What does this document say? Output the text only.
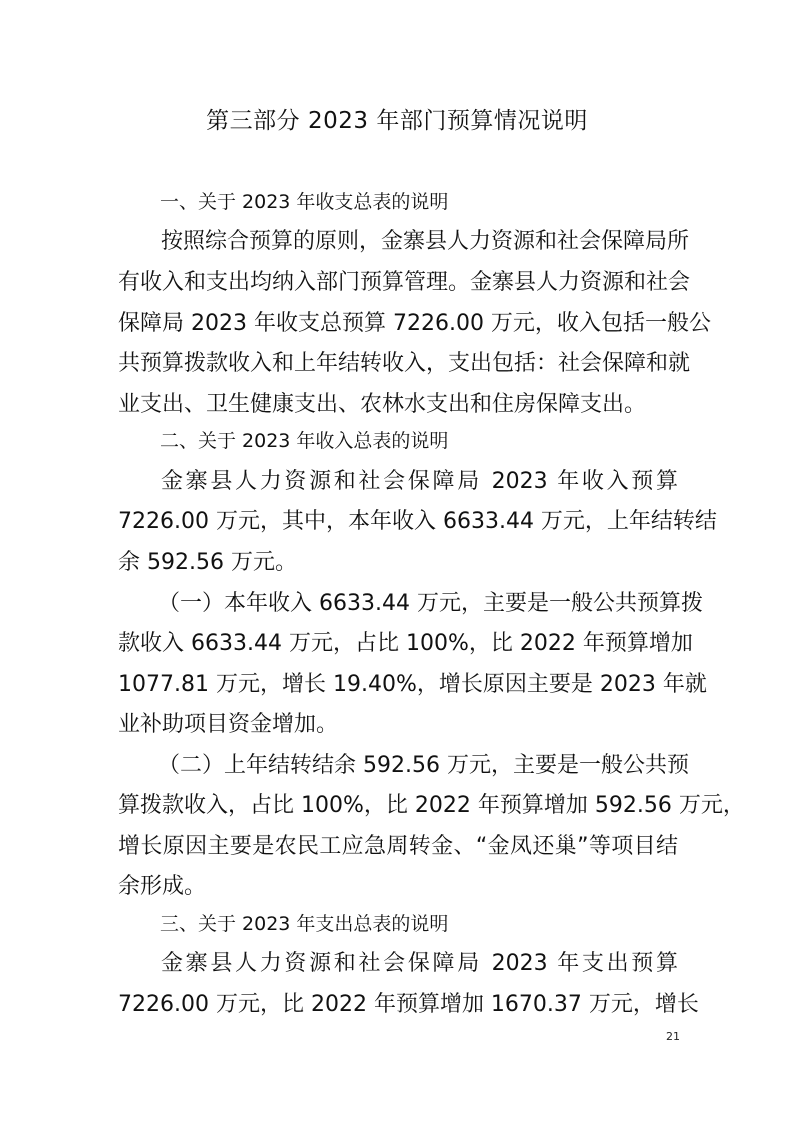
第三部分 2023 年部门预算情况说明
一、关于 2023 年收支总表的说明
按照综合预算的原则，金寨县人力资源和社会保障局所
有收入和支出均纳入部门预算管理。金寨县人力资源和社会
保障局 2023 年收支总预算 7226.00 万元，收入包括一般公
共预算拨款收入和上年结转收入，支出包括：社会保障和就
业支出、卫生健康支出、农林水支出和住房保障支出。
二、关于 2023 年收入总表的说明
金寨县人力资源和社会保障局 2023 年收入预算
7226.00 万元，其中，本年收入 6633.44 万元，上年结转结
余 592.56 万元。
（一）本年收入 6633.44 万元，主要是一般公共预算拨
款收入 6633.44 万元，占比 100%，比 2022 年预算增加
1077.81 万元，增长 19.40%，增长原因主要是 2023 年就
业补助项目资金增加。
（二）上年结转结余 592.56 万元，主要是一般公共预
算拨款收入，占比 100%，比 2022 年预算增加 592.56 万元，
增长原因主要是农民工应急周转金、“金凤还巢”等项目结
余形成。
三、关于 2023 年支出总表的说明
金寨县人力资源和社会保障局 2023 年支出预算
7226.00 万元，比 2022 年预算增加 1670.37 万元，增长
21
